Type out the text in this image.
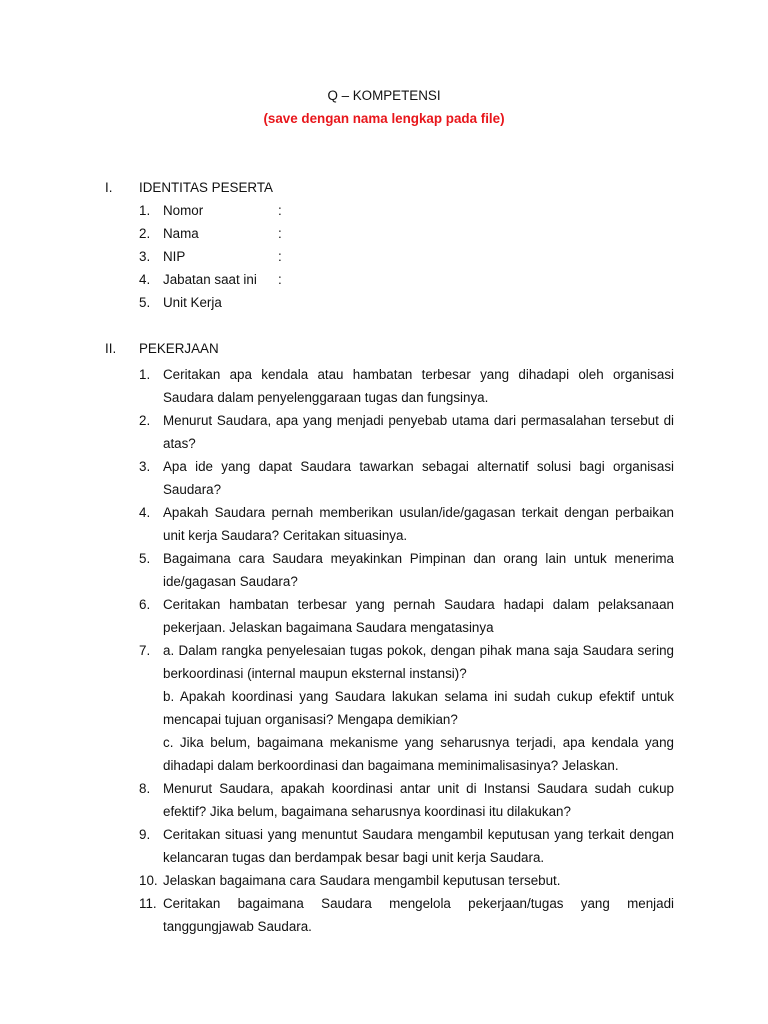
Q – KOMPETENSI
(save dengan nama lengkap pada file)
I. IDENTITAS PESERTA
1. Nomor	:
2. Nama	:
3. NIP	:
4. Jabatan saat ini :
5. Unit Kerja
II. PEKERJAAN
1. Ceritakan apa kendala atau hambatan terbesar yang dihadapi oleh organisasi Saudara dalam penyelenggaraan tugas dan fungsinya.
2. Menurut Saudara, apa yang menjadi penyebab utama dari permasalahan tersebut di atas?
3. Apa ide yang dapat Saudara tawarkan sebagai alternatif solusi bagi organisasi Saudara?
4. Apakah Saudara pernah memberikan usulan/ide/gagasan terkait dengan perbaikan unit kerja Saudara? Ceritakan situasinya.
5. Bagaimana cara Saudara meyakinkan Pimpinan dan orang lain untuk menerima ide/gagasan Saudara?
6. Ceritakan hambatan terbesar yang pernah Saudara hadapi dalam pelaksanaan pekerjaan. Jelaskan bagaimana Saudara mengatasinya
7. a. Dalam rangka penyelesaian tugas pokok, dengan pihak mana saja Saudara sering berkoordinasi (internal maupun eksternal instansi)?

b. Apakah koordinasi yang Saudara lakukan selama ini sudah cukup efektif untuk mencapai tujuan organisasi? Mengapa demikian?

c. Jika belum, bagaimana mekanisme yang seharusnya terjadi, apa kendala yang dihadapi dalam berkoordinasi dan bagaimana meminimalisasinya? Jelaskan.

8. Menurut Saudara, apakah koordinasi antar unit di Instansi Saudara sudah cukup efektif? Jika belum, bagaimana seharusnya koordinasi itu dilakukan?
9. Ceritakan situasi yang menuntut Saudara mengambil keputusan yang terkait dengan kelancaran tugas dan berdampak besar bagi unit kerja Saudara.
10. Jelaskan bagaimana cara Saudara mengambil keputusan tersebut.
11. Ceritakan bagaimana Saudara mengelola pekerjaan/tugas yang menjadi tanggungjawab Saudara.
